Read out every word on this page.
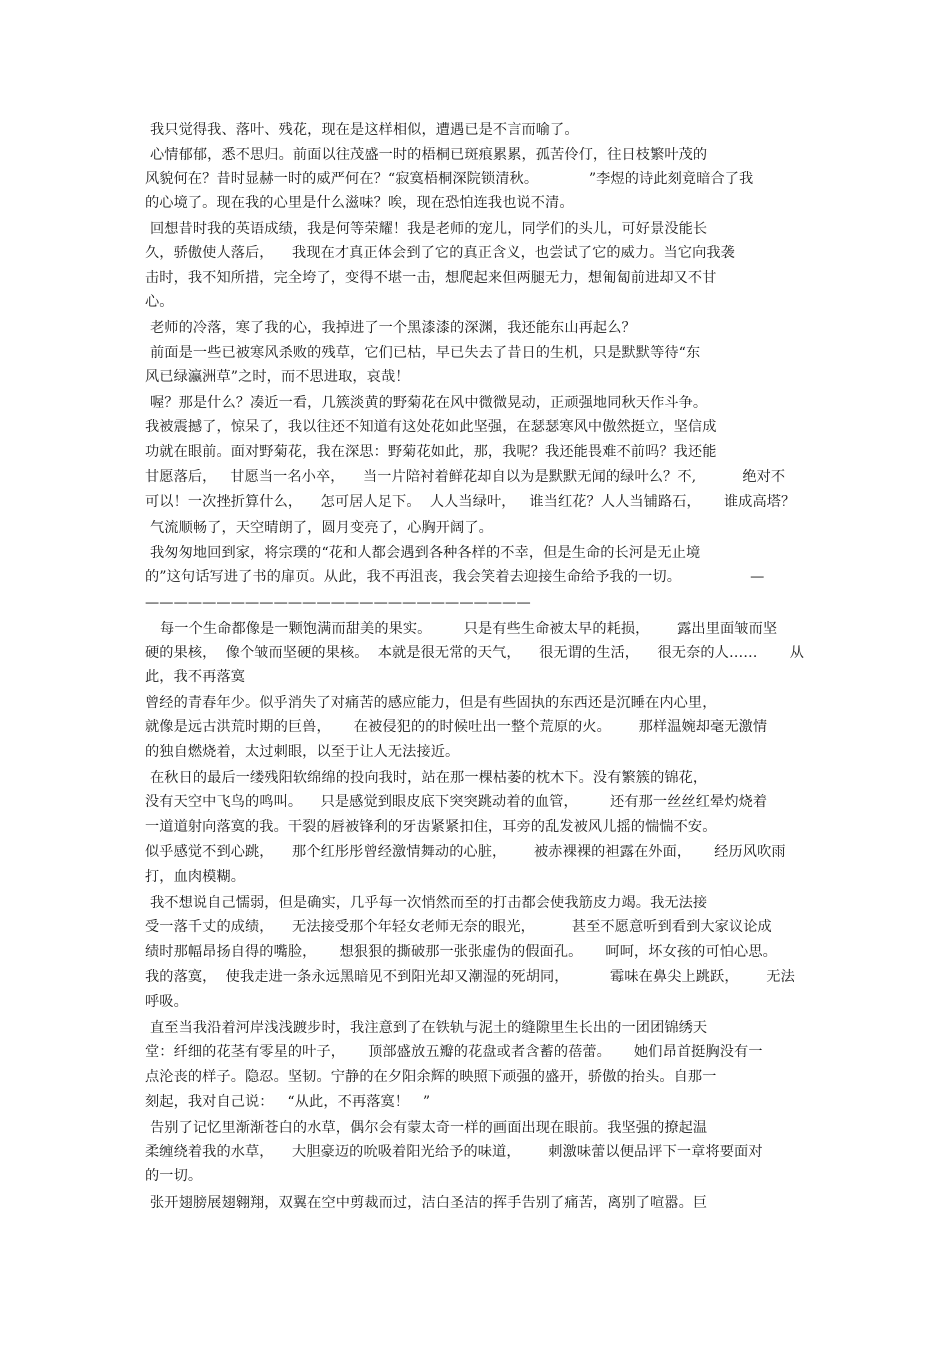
我只觉得我、落叶、残花，现在是这样相似，遭遇已是不言而喻了。
心情郁郁，悉不思归。前面以往茂盛一时的梧桐已斑痕累累，孤苦伶仃，往日枝繁叶茂的
风貌何在？昔时显赫一时的威严何在？“寂寞梧桐深院锁清秋。           ”李煜的诗此刻竟暗合了我
的心境了。现在我的心里是什么滋味？唉，现在恐怕连我也说不清。
回想昔时我的英语成绩，我是何等荣耀！我是老师的宠儿，同学们的头儿，可好景没能长
久，骄傲使人落后，    我现在才真正体会到了它的真正含义，也尝试了它的威力。当它向我袭
击时，我不知所措，完全垮了，变得不堪一击，想爬起来但两腿无力，想匍匐前进却又不甘
心。
老师的冷落，寒了我的心，我掉进了一个黑漆漆的深渊，我还能东山再起么？
前面是一些已被寒风杀败的残草，它们已枯，早已失去了昔日的生机，只是默默等待“东
风已绿瀛洲草”之时，而不思进取，哀哉！
喔？那是什么？凑近一看，几簇淡黄的野菊花在风中微微晃动，正顽强地同秋天作斗争。
我被震撼了，惊呆了，我以往还不知道有这处花如此坚强，在瑟瑟寒风中傲然挺立，坚信成
功就在眼前。面对野菊花，我在深思：野菊花如此，那，我呢？我还能畏难不前吗？我还能
甘愿落后，   甘愿当一名小卒，    当一片陪衬着鲜花却自以为是默默无闻的绿叶么？不,          绝对不
可以！一次挫折算什么，    怎可居人足下。  人人当绿叶，   谁当红花？人人当铺路石，     谁成高塔？
气流顺畅了，天空晴朗了，圆月变亮了，心胸开阔了。
我匆匆地回到家，将宗璞的“花和人都会遇到各种各样的不幸，但是生命的长河是无止境
的”这句话写进了书的扉页。从此，我不再沮丧，我会笑着去迎接生命给予我的一切。               —
———————————————————————————
每一个生命都像是一颗饱满而甜美的果实。       只是有些生命被太早的耗损，      露出里面皱而坚
硬的果核，  像个皱而坚硬的果核。  本就是很无常的天气，    很无谓的生活，    很无奈的人……       从
此，我不再落寞
曾经的青春年少。似乎消失了对痛苦的感应能力，但是有些固执的东西还是沉睡在内心里，
就像是远古洪荒时期的巨兽，     在被侵犯的的时候吐出一整个荒原的火。      那样温婉却毫无激情
的独自燃烧着，太过刺眼，以至于让人无法接近。
在秋日的最后一缕残阳软绵绵的投向我时，站在那一棵枯萎的枕木下。没有繁簇的锦花，
没有天空中飞鸟的鸣叫。    只是感觉到眼皮底下突突跳动着的血管，       还有那一丝丝红晕灼烧着
一道道射向落寞的我。干裂的唇被锋利的牙齿紧紧扣住，耳旁的乱发被风儿摇的惴惴不安。
似乎感觉不到心跳，    那个红彤彤曾经激情舞动的心脏，      被赤裸裸的袒露在外面，     经历风吹雨
打，血肉模糊。
我不想说自己懦弱，但是确实，几乎每一次悄然而至的打击都会使我筋皮力竭。我无法接
受一落千丈的成绩，    无法接受那个年轻女老师无奈的眼光，        甚至不愿意听到看到大家议论成
绩时那幅昂扬自得的嘴脸，     想狠狠的撕破那一张张虚伪的假面孔。     呵呵，坏女孩的可怕心思。
我的落寞，  使我走进一条永远黑暗见不到阳光却又潮湿的死胡同，         霉味在鼻尖上跳跃，      无法
呼吸。
直至当我沿着河岸浅浅踱步时，我注意到了在铁轨与泥土的缝隙里生长出的一团团锦绣天
堂：纤细的花茎有零星的叶子，     顶部盛放五瓣的花盘或者含蓄的蓓蕾。     她们昂首挺胸没有一
点沦丧的样子。隐忍。坚韧。宁静的在夕阳余辉的映照下顽强的盛开，骄傲的抬头。自那一
刻起，我对自己说：   “从此，不再落寞！   ”
告别了记忆里渐渐苍白的水草，偶尔会有蒙太奇一样的画面出现在眼前。我坚强的撩起温
柔缠绕着我的水草，    大胆豪迈的吮吸着阳光给予的味道，      刺激味蕾以便品评下一章将要面对
的一切。
张开翅膀展翅翱翔，双翼在空中剪裁而过，洁白圣洁的挥手告别了痛苦，离别了喧嚣。巨
